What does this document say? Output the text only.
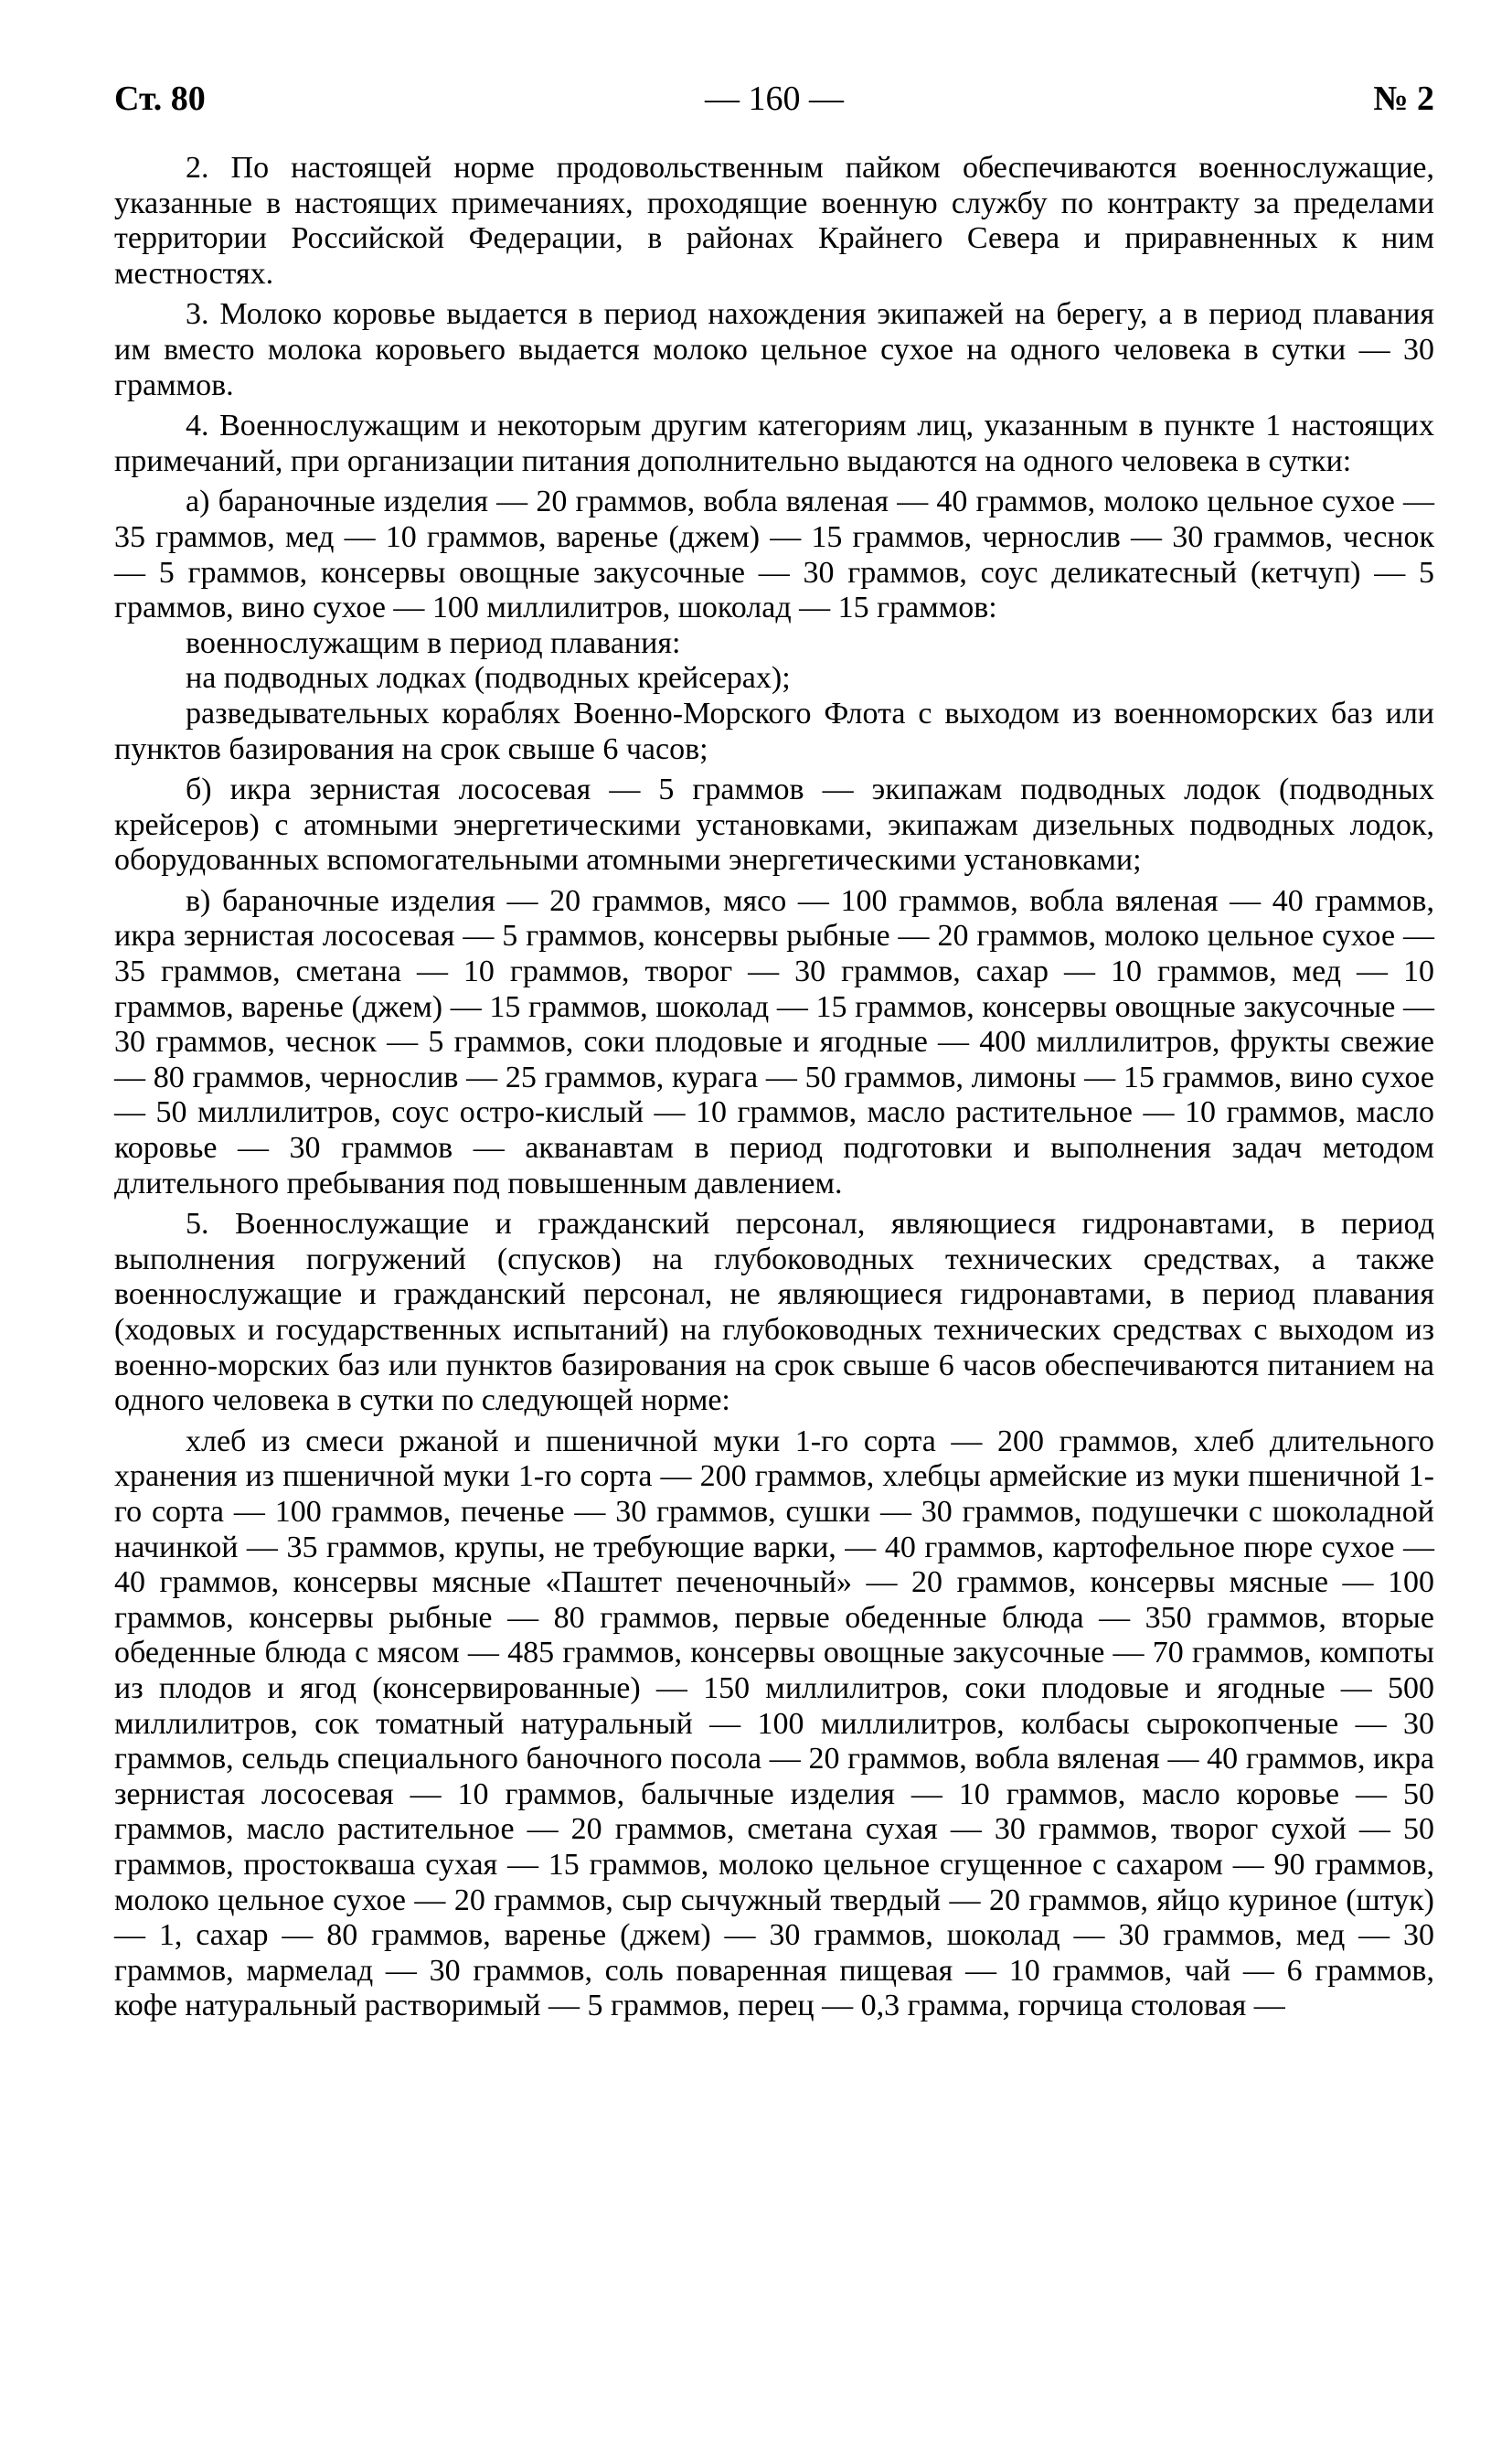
Ст. 80	— 160 —	№ 2

2. По настоящей норме продовольственным пайком обеспечиваются военнослужащие, указанные в настоящих примечаниях, проходящие военную службу по контракту за пределами территории Российской Федерации, в районах Крайнего Севера и приравненных к ним местностях.

3. Молоко коровье выдается в период нахождения экипажей на берегу, а в период плавания им вместо молока коровьего выдается молоко цельное сухое на одного человека в сутки — 30 граммов.

4. Военнослужащим и некоторым другим категориям лиц, указанным в пункте 1 настоящих примечаний, при организации питания дополнительно выдаются на одного человека в сутки:

а) бараночные изделия — 20 граммов, вобла вяленая — 40 граммов, молоко цельное сухое — 35 граммов, мед — 10 граммов, варенье (джем) — 15 граммов, чернослив — 30 граммов, чеснок — 5 граммов, консервы овощные закусочные — 30 граммов, соус деликатесный (кетчуп) — 5 граммов, вино сухое — 100 миллилитров, шоколад — 15 граммов:

военнослужащим в период плавания:

на подводных лодках (подводных крейсерах);

разведывательных кораблях Военно-Морского Флота с выходом из военноморских баз или пунктов базирования на срок свыше 6 часов;

б) икра зернистая лососевая — 5 граммов — экипажам подводных лодок (подводных крейсеров) с атомными энергетическими установками, экипажам дизельных подводных лодок, оборудованных вспомогательными атомными энергетическими установками;

в) бараночные изделия — 20 граммов, мясо — 100 граммов, вобла вяленая — 40 граммов, икра зернистая лососевая — 5 граммов, консервы рыбные — 20 граммов, молоко цельное сухое — 35 граммов, сметана — 10 граммов, творог — 30 граммов, сахар — 10 граммов, мед — 10 граммов, варенье (джем) — 15 граммов, шоколад — 15 граммов, консервы овощные закусочные — 30 граммов, чеснок — 5 граммов, соки плодовые и ягодные — 400 миллилитров, фрукты свежие — 80 граммов, чернослив — 25 граммов, курага — 50 граммов, лимоны — 15 граммов, вино сухое — 50 миллилитров, соус остро-кислый — 10 граммов, масло растительное — 10 граммов, масло коровье — 30 граммов — акванавтам в период подготовки и выполнения задач методом длительного пребывания под повышенным давлением.

5. Военнослужащие и гражданский персонал, являющиеся гидронавтами, в период выполнения погружений (спусков) на глубоководных технических средствах, а также военнослужащие и гражданский персонал, не являющиеся гидронавтами, в период плавания (ходовых и государственных испытаний) на глубоководных технических средствах с выходом из военно-морских баз или пунктов базирования на срок свыше 6 часов обеспечиваются питанием на одного человека в сутки по следующей норме:

хлеб из смеси ржаной и пшеничной муки 1-го сорта — 200 граммов, хлеб длительного хранения из пшеничной муки 1-го сорта — 200 граммов, хлебцы армейские из муки пшеничной 1-го сорта — 100 граммов, печенье — 30 граммов, сушки — 30 граммов, подушечки с шоколадной начинкой — 35 граммов, крупы, не требующие варки, — 40 граммов, картофельное пюре сухое — 40 граммов, консервы мясные «Паштет печеночный» — 20 граммов, консервы мясные — 100 граммов, консервы рыбные — 80 граммов, первые обеденные блюда — 350 граммов, вторые обеденные блюда с мясом — 485 граммов, консервы овощные закусочные — 70 граммов, компоты из плодов и ягод (консервированные) — 150 миллилитров, соки плодовые и ягодные — 500 миллилитров, сок томатный натуральный — 100 миллилитров, колбасы сырокопченые — 30 граммов, сельдь специального баночного посола — 20 граммов, вобла вяленая — 40 граммов, икра зернистая лососевая — 10 граммов, балычные изделия — 10 граммов, масло коровье — 50 граммов, масло растительное — 20 граммов, сметана сухая — 30 граммов, творог сухой — 50 граммов, простокваша сухая — 15 граммов, молоко цельное сгущенное с сахаром — 90 граммов, молоко цельное сухое — 20 граммов, сыр сычужный твердый — 20 граммов, яйцо куриное (штук) — 1, сахар — 80 граммов, варенье (джем) — 30 граммов, шоколад — 30 граммов, мед — 30 граммов, мармелад — 30 граммов, соль поваренная пищевая — 10 граммов, чай — 6 граммов, кофе натуральный растворимый — 5 граммов, перец — 0,3 грамма, горчица столовая —
